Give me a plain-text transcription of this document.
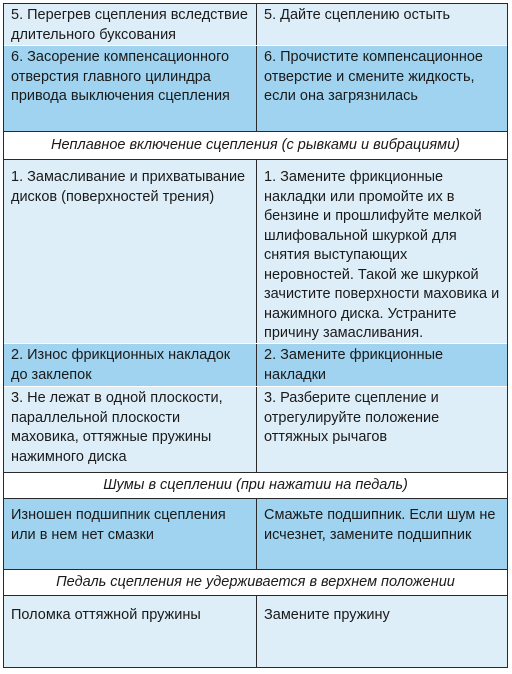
5. Перегрев сцепления вследствие длительного буксования
5. Дайте сцеплению остыть
6. Засорение компенсационного отверстия главного цилиндра привода выключения сцепления
6. Прочистите компенсационное отверстие и смените жидкость, если она загрязнилась
Неплавное включение сцепления (с рывками и вибрациями)
1. Замасливание и прихватывание дисков (поверхностей трения)
1. Замените фрикционные накладки или промойте их в бензине и прошлифуйте мелкой шлифовальной шкуркой для снятия выступающих неровностей. Такой же шкуркой зачистите поверхности маховика и нажимного диска. Устраните причину замасливания.
2. Износ фрикционных накладок до заклепок
2. Замените фрикционные накладки
3. Не лежат в одной плоскости, параллельной плоскости маховика, оттяжные пружины нажимного диска
3. Разберите сцепление и отрегулируйте положение оттяжных рычагов
Шумы в сцеплении (при нажатии на педаль)
Изношен подшипник сцепления или в нем нет смазки
Смажьте подшипник. Если шум не исчезнет, замените подшипник
Педаль сцепления не удерживается в верхнем положении
Поломка оттяжной пружины	Замените пружину
